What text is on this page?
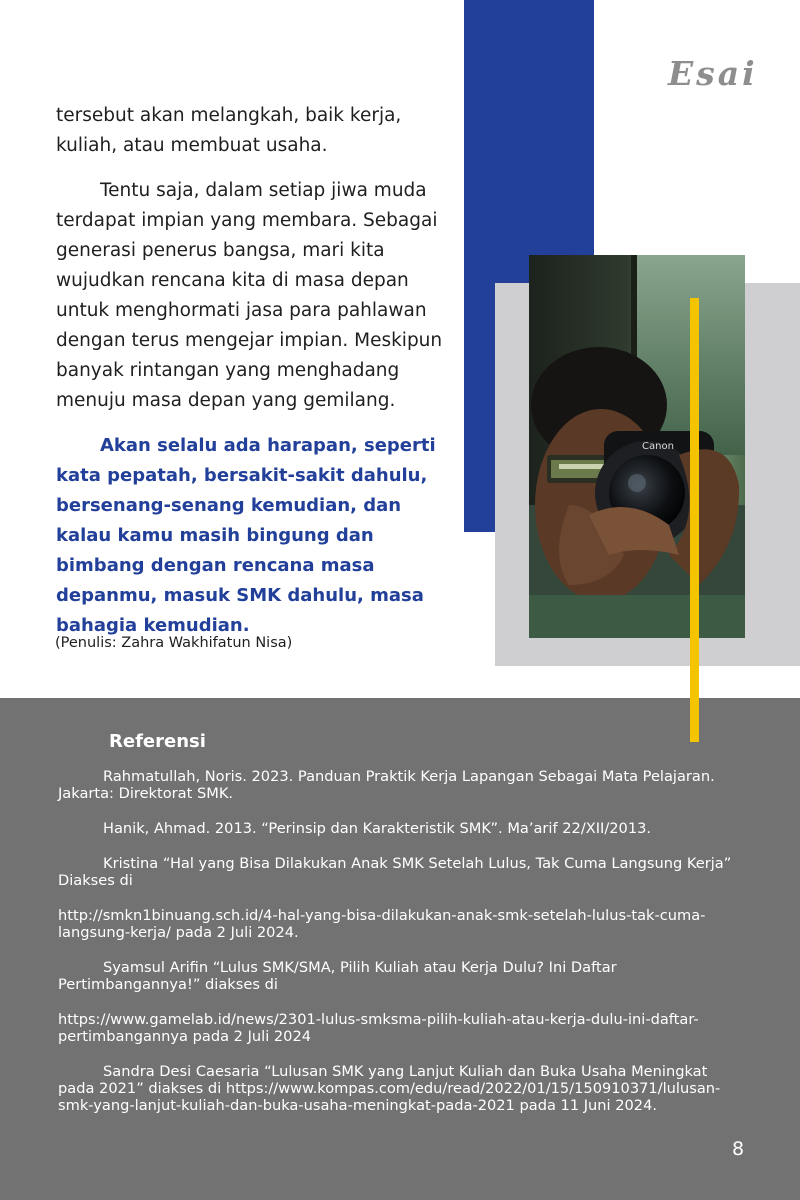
Canon
Esai

tersebut akan melangkah, baik kerja, kuliah, atau membuat usaha.

Tentu saja, dalam setiap jiwa muda terdapat impian yang membara. Sebagai generasi penerus bangsa, mari kita wujudkan rencana kita di masa depan untuk menghormati jasa para pahlawan dengan terus mengejar impian. Meskipun banyak rintangan yang menghadang menuju masa depan yang gemilang.

Akan selalu ada harapan, seperti kata pepatah, bersakit-sakit dahulu, bersenang-senang kemudian, dan kalau kamu masih bingung dan bimbang dengan rencana masa depanmu, masuk SMK dahulu, masa bahagia kemudian.

(Penulis: Zahra Wakhifatun Nisa)
Referensi

Rahmatullah, Noris. 2023. Panduan Praktik Kerja Lapangan Sebagai Mata Pelajaran. Jakarta: Direktorat SMK.

Hanik, Ahmad. 2013. “Perinsip dan Karakteristik SMK”. Ma’arif 22/XII/2013.

Kristina “Hal yang Bisa Dilakukan Anak SMK Setelah Lulus, Tak Cuma Langsung Kerja” Diakses di

http://smkn1binuang.sch.id/4-hal-yang-bisa-dilakukan-anak-smk-setelah-lulus-tak-cuma-langsung-kerja/ pada 2 Juli 2024.

Syamsul Arifin “Lulus SMK/SMA, Pilih Kuliah atau Kerja Dulu? Ini Daftar Pertimbangannya!” diakses di

https://www.gamelab.id/news/2301-lulus-smksma-pilih-kuliah-atau-kerja-dulu-ini-daftar-pertimbangannya pada 2 Juli 2024

Sandra Desi Caesaria “Lulusan SMK yang Lanjut Kuliah dan Buka Usaha Meningkat pada 2021” diakses di https://www.kompas.com/edu/read/2022/01/15/150910371/lulusan-smk-yang-lanjut-kuliah-dan-buka-usaha-meningkat-pada-2021 pada 11 Juni 2024.

8
